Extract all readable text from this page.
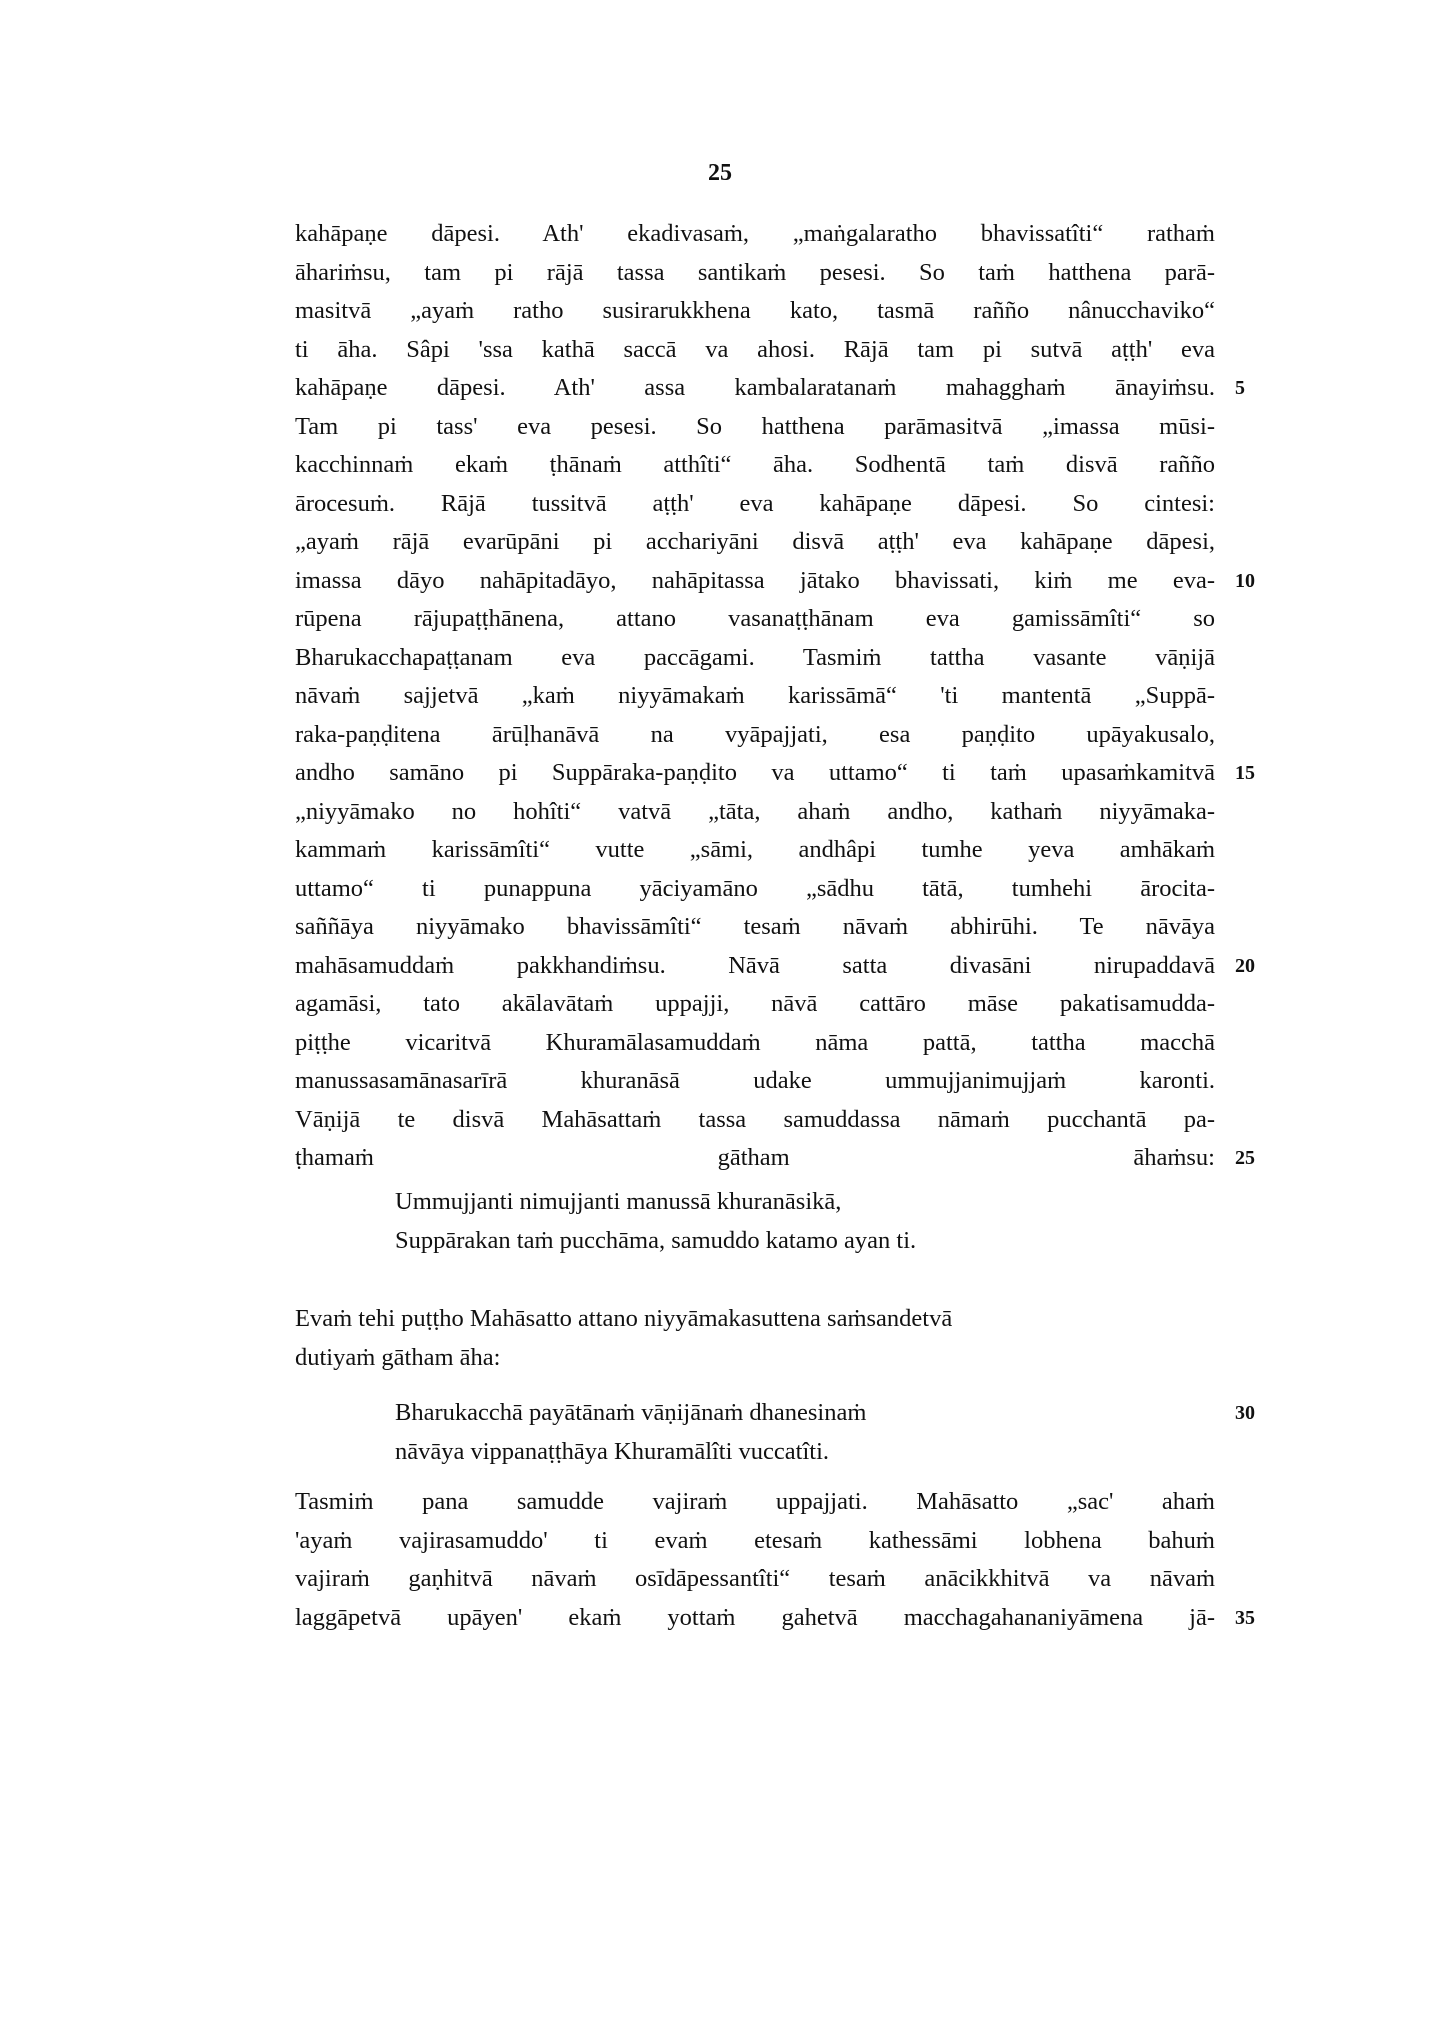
25
kahāpaṇe dāpesi. Ath' ekadivasaṁ, „maṅgalaratho bhavissatîti“ rathaṁ
āhariṁsu, tam pi rājā tassa santikaṁ pesesi. So taṁ hatthena parā-
masitvā „ayaṁ ratho susirarukkhena kato, tasmā rañño nânucchaviko“
ti āha. Sâpi 'ssa kathā saccā va ahosi. Rājā tam pi sutvā aṭṭh' eva
kahāpaṇe dāpesi. Ath' assa kambalaratanaṁ mahagghaṁ ānayiṁsu. 5
Tam pi tass' eva pesesi. So hatthena parāmasitvā „imassa mūsi-
kacchinnaṁ ekaṁ ṭhānaṁ atthîti“ āha. Sodhentā taṁ disvā rañño
ārocesuṁ. Rājā tussitvā aṭṭh' eva kahāpaṇe dāpesi. So cintesi:
„ayaṁ rājā evarūpāni pi acchariyāni disvā aṭṭh' eva kahāpaṇe dāpesi,
imassa dāyo nahāpitadāyo, nahāpitassa jātako bhavissati, kiṁ me eva- 10
rūpena rājupaṭṭhānena, attano vasanaṭṭhānam eva gamissāmîti“ so
Bharukacchapaṭṭanam eva paccāgami. Tasmiṁ tattha vasante vāṇijā
nāvaṁ sajjetvā „kaṁ niyyāmakaṁ karissāmā“ 'ti mantentā „Suppā-
raka-paṇḍitena ārūḷhanāvā na vyāpajjati, esa paṇḍito upāyakusalo,
andho samāno pi Suppāraka-paṇḍito va uttamo“ ti taṁ upasaṁkamitvā 15
„niyyāmako no hohîti“ vatvā „tāta, ahaṁ andho, kathaṁ niyyāmaka-
kammaṁ karissāmîti“ vutte „sāmi, andhâpi tumhe yeva amhākaṁ
uttamo“ ti punappuna yāciyamāno „sādhu tātā, tumhehi ārocita-
saññāya niyyāmako bhavissāmîti“ tesaṁ nāvaṁ abhirūhi. Te nāvāya
mahāsamuddaṁ pakkhandiṁsu. Nāvā satta divasāni nirupaddavā 20
agamāsi, tato akālavātaṁ uppajji, nāvā cattāro māse pakatisamudda-
piṭṭhe vicaritvā Khuramālasamuddaṁ nāma pattā, tattha macchā
manussasamānasarīrā khuranāsā udake ummujjanimujjaṁ karonti.
Vāṇijā te disvā Mahāsattaṁ tassa samuddassa nāmaṁ pucchantā pa-
ṭhamaṁ gātham āhaṁsu: 25
Ummujjanti nimujjanti manussā khuranāsikā,
Suppārakan taṁ pucchāma, samuddo katamo ayan ti.
Evaṁ tehi puṭṭho Mahāsatto attano niyyāmakasuttena saṁsandetvā
dutiyaṁ gātham āha:
Bharukacchā payātānaṁ vāṇijānaṁ dhanesinaṁ	30
nāvāya vippanaṭṭhāya Khuramālîti vuccatîti.
Tasmiṁ pana samudde vajiraṁ uppajjati. Mahāsatto „sac' ahaṁ
'ayaṁ vajirasamuddo' ti evaṁ etesaṁ kathessāmi lobhena bahuṁ
vajiraṁ gaṇhitvā nāvaṁ osīdāpessantîti“ tesaṁ anācikkhitvā va nāvaṁ
laggāpetvā upāyen' ekaṁ yottaṁ gahetvā macchagahananiyāmena jā- 35
